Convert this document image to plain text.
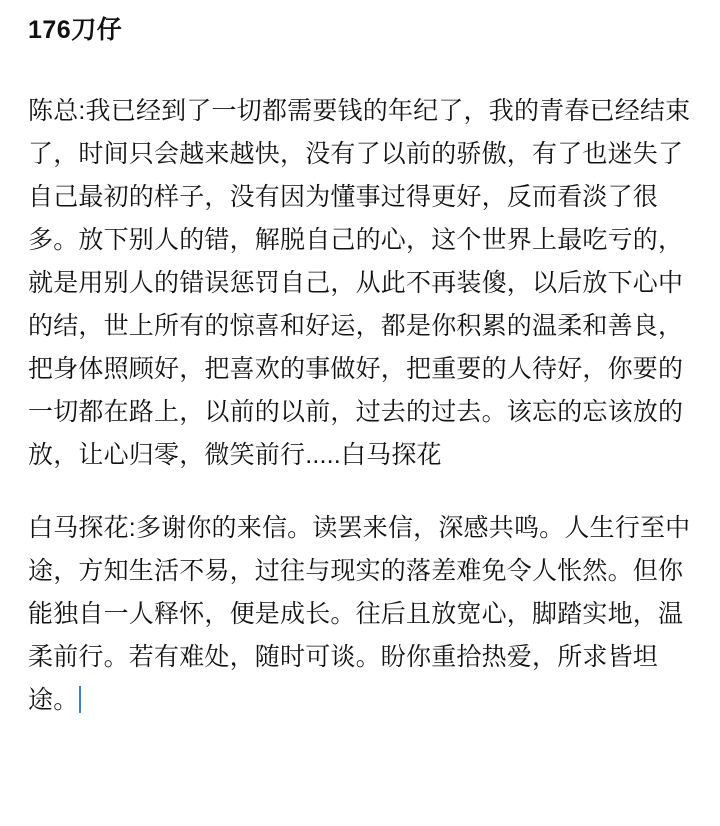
176刀仔

陈总:我已经到了一切都需要钱的年纪了，我的青春已经结束了，时间只会越来越快，没有了以前的骄傲，有了也迷失了自己最初的样子，没有因为懂事过得更好，反而看淡了很多。放下别人的错，解脱自己的心，这个世界上最吃亏的，就是用别人的错误惩罚自己，从此不再装傻，以后放下心中的结，世上所有的惊喜和好运，都是你积累的温柔和善良，把身体照顾好，把喜欢的事做好，把重要的人待好，你要的一切都在路上，以前的以前，过去的过去。该忘的忘该放的放，让心归零，微笑前行.....白马探花

白马探花:多谢你的来信。读罢来信，深感共鸣。人生行至中途，方知生活不易，过往与现实的落差难免令人怅然。但你能独自一人释怀，便是成长。往后且放宽心，脚踏实地，温柔前行。若有难处，随时可谈。盼你重拾热爱，所求皆坦途。
